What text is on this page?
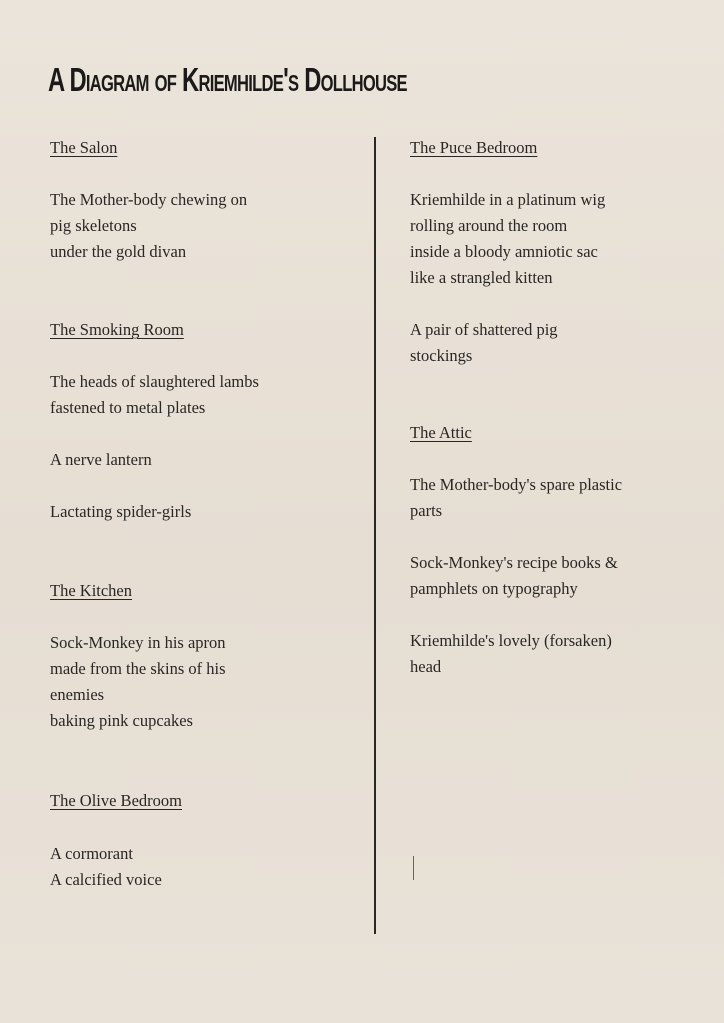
A Diagram of Kriemhilde's Dollhouse
The Salon

The Mother-body chewing on
pig skeletons
under the gold divan

The Smoking Room

The heads of slaughtered lambs
fastened to metal plates

A nerve lantern

Lactating spider-girls

The Kitchen

Sock-Monkey in his apron
made from the skins of his
enemies
baking pink cupcakes

The Olive Bedroom

A cormorant
A calcified voice

The Puce Bedroom

Kriemhilde in a platinum wig
rolling around the room
inside a bloody amniotic sac
like a strangled kitten

A pair of shattered pig
stockings

The Attic

The Mother-body's spare plastic
parts

Sock-Monkey's recipe books &
pamphlets on typography

Kriemhilde's lovely (forsaken)
head
